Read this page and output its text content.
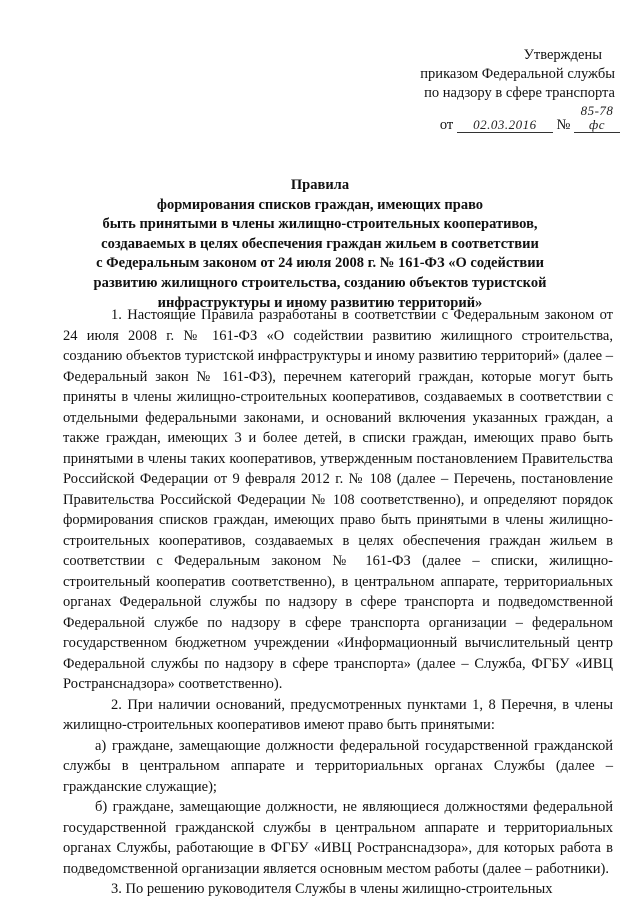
Утверждены
приказом Федеральной службы
по надзору в сфере транспорта
от 02.03.2016 № 85-78 фс
Правила
формирования списков граждан, имеющих право
быть принятыми в члены жилищно-строительных кооперативов,
создаваемых в целях обеспечения граждан жильем в соответствии
с Федеральным законом от 24 июля 2008 г. № 161-ФЗ «О содействии
развитию жилищного строительства, созданию объектов туристской
инфраструктуры и иному развитию территорий»

1. Настоящие Правила разработаны в соответствии с Федеральным законом от 24 июля 2008 г. № 161-ФЗ «О содействии развитию жилищного строительства, созданию объектов туристской инфраструктуры и иному развитию территорий» (далее – Федеральный закон № 161-ФЗ), перечнем категорий граждан, которые могут быть приняты в члены жилищно-строительных кооперативов, создаваемых в соответствии с отдельными федеральными законами, и оснований включения указанных граждан, а также граждан, имеющих 3 и более детей, в списки граждан, имеющих право быть принятыми в члены таких кооперативов, утвержденным постановлением Правительства Российской Федерации от 9 февраля 2012 г. № 108 (далее – Перечень, постановление Правительства Российской Федерации № 108 соответственно), и определяют порядок формирования списков граждан, имеющих право быть принятыми в члены жилищно-строительных кооперативов, создаваемых в целях обеспечения граждан жильем в соответствии с Федеральным законом № 161-ФЗ (далее – списки, жилищно-строительный кооператив соответственно), в центральном аппарате, территориальных органах Федеральной службы по надзору в сфере транспорта и подведомственной Федеральной службе по надзору в сфере транспорта организации – федеральном государственном бюджетном учреждении «Информационный вычислительный центр Федеральной службы по надзору в сфере транспорта» (далее – Служба, ФГБУ «ИВЦ Ространснадзора» соответственно).

2. При наличии оснований, предусмотренных пунктами 1, 8 Перечня, в члены жилищно-строительных кооперативов имеют право быть принятыми:

а) граждане, замещающие должности федеральной государственной гражданской службы в центральном аппарате и территориальных органах Службы (далее – гражданские служащие);

б) граждане, замещающие должности, не являющиеся должностями федеральной государственной гражданской службы в центральном аппарате и территориальных органах Службы, работающие в ФГБУ «ИВЦ Ространснадзора», для которых работа в подведомственной организации является основным местом работы (далее – работники).

3. По решению руководителя Службы в члены жилищно-строительных
